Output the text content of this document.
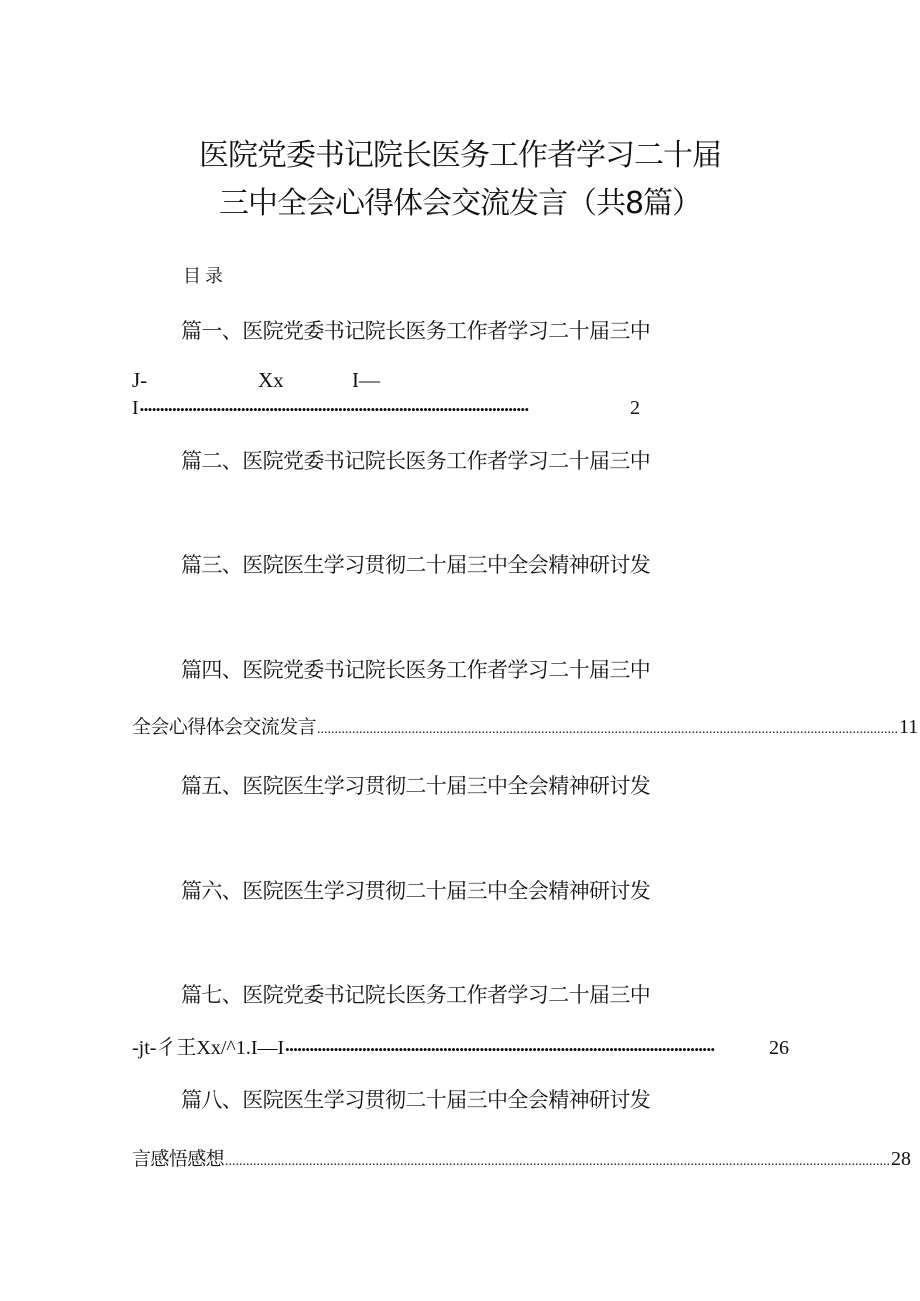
医院党委书记院长医务工作者学习二十届
三中全会心得体会交流发言（共8篇）
目录
篇一、医院党委书记院长医务工作者学习二十届三中
J-	Xx	I—
I ••••••••••••••••••••••••••••••••••••••••••••••••••••••••••••••••••••••••••••••••••••••••••••••••	2
篇二、医院党委书记院长医务工作者学习二十届三中
篇三、医院医生学习贯彻二十届三中全会精神研讨发
篇四、医院党委书记院长医务工作者学习二十届三中
全会心得体会交流发言 ...................................................................................................................................................................... 11
篇五、医院医生学习贯彻二十届三中全会精神研讨发
篇六、医院医生学习贯彻二十届三中全会精神研讨发
篇七、医院党委书记院长医务工作者学习二十届三中
-jt-彳王Xx/^1.I—I ••••••••••••••••••••••••••••••••••••••••••••••••••••••••••••••••••••••••••••••••••••••••••••••••••••••••••	26
篇八、医院医生学习贯彻二十届三中全会精神研讨发
言感悟感想 .............................................................................................................................................................................................. 28
